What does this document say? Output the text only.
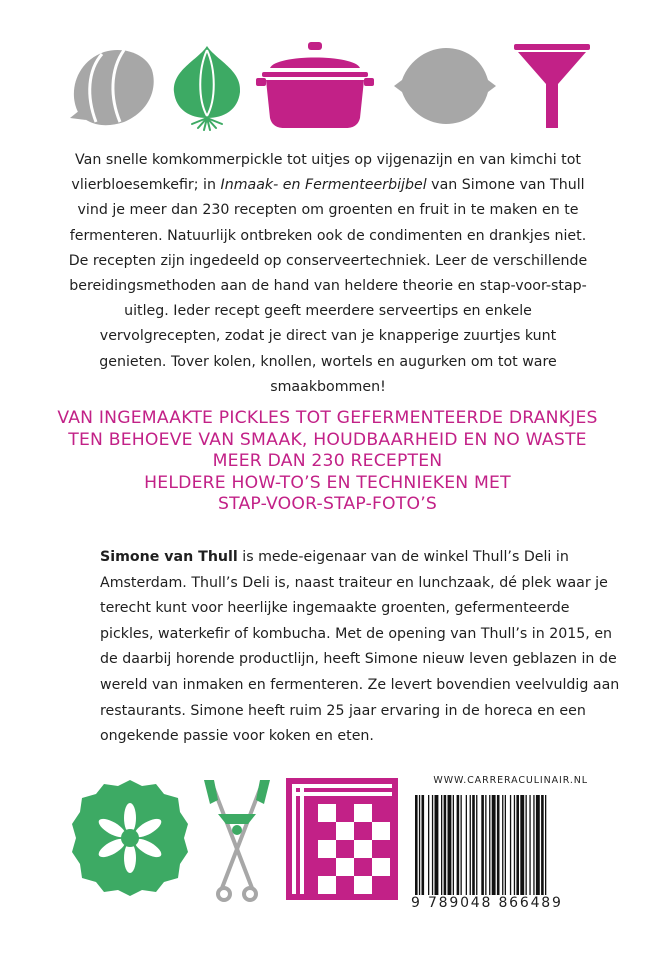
Van snelle komkommerpickle tot uitjes op vijgenazijn en van kimchi tot vlierbloesemkefir; in Inmaak- en Fermenteerbijbel van Simone van Thull vind je meer dan 230 recepten om groenten en fruit in te maken en te fermenteren. Natuurlijk ontbreken ook de condimenten en drankjes niet. De recepten zijn ingedeeld op conserveertechniek. Leer de verschillende bereidingsmethoden aan de hand van heldere theorie en stap-voor-stap-uitleg. Ieder recept geeft meerdere serveertips en enkele vervolgrecepten, zodat je direct van je knapperige zuurtjes kunt genieten. Tover kolen, knollen, wortels en augurken om tot ware smaakbommen!

VAN INGEMAAKTE PICKLES TOT GEFERMENTEERDE DRANKJES
TEN BEHOEVE VAN SMAAK, HOUDBAARHEID EN NO WASTE
MEER DAN 230 RECEPTEN
HELDERE HOW-TO’S EN TECHNIEKEN MET
STAP-VOOR-STAP-FOTO’S

Simone van Thull is mede-eigenaar van de winkel Thull’s Deli in Amsterdam. Thull’s Deli is, naast traiteur en lunchzaak, dé plek waar je terecht kunt voor heerlijke ingemaakte groenten, gefermenteerde pickles, waterkefir of kombucha. Met de opening van Thull’s in 2015, en de daarbij horende productlijn, heeft Simone nieuw leven geblazen in de wereld van inmaken en fermenteren. Ze levert bovendien veelvuldig aan restaurants. Simone heeft ruim 25 jaar ervaring in de horeca en een ongekende passie voor koken en eten.

WWW.CARRERACULINAIR.NL
9 789048 866489
